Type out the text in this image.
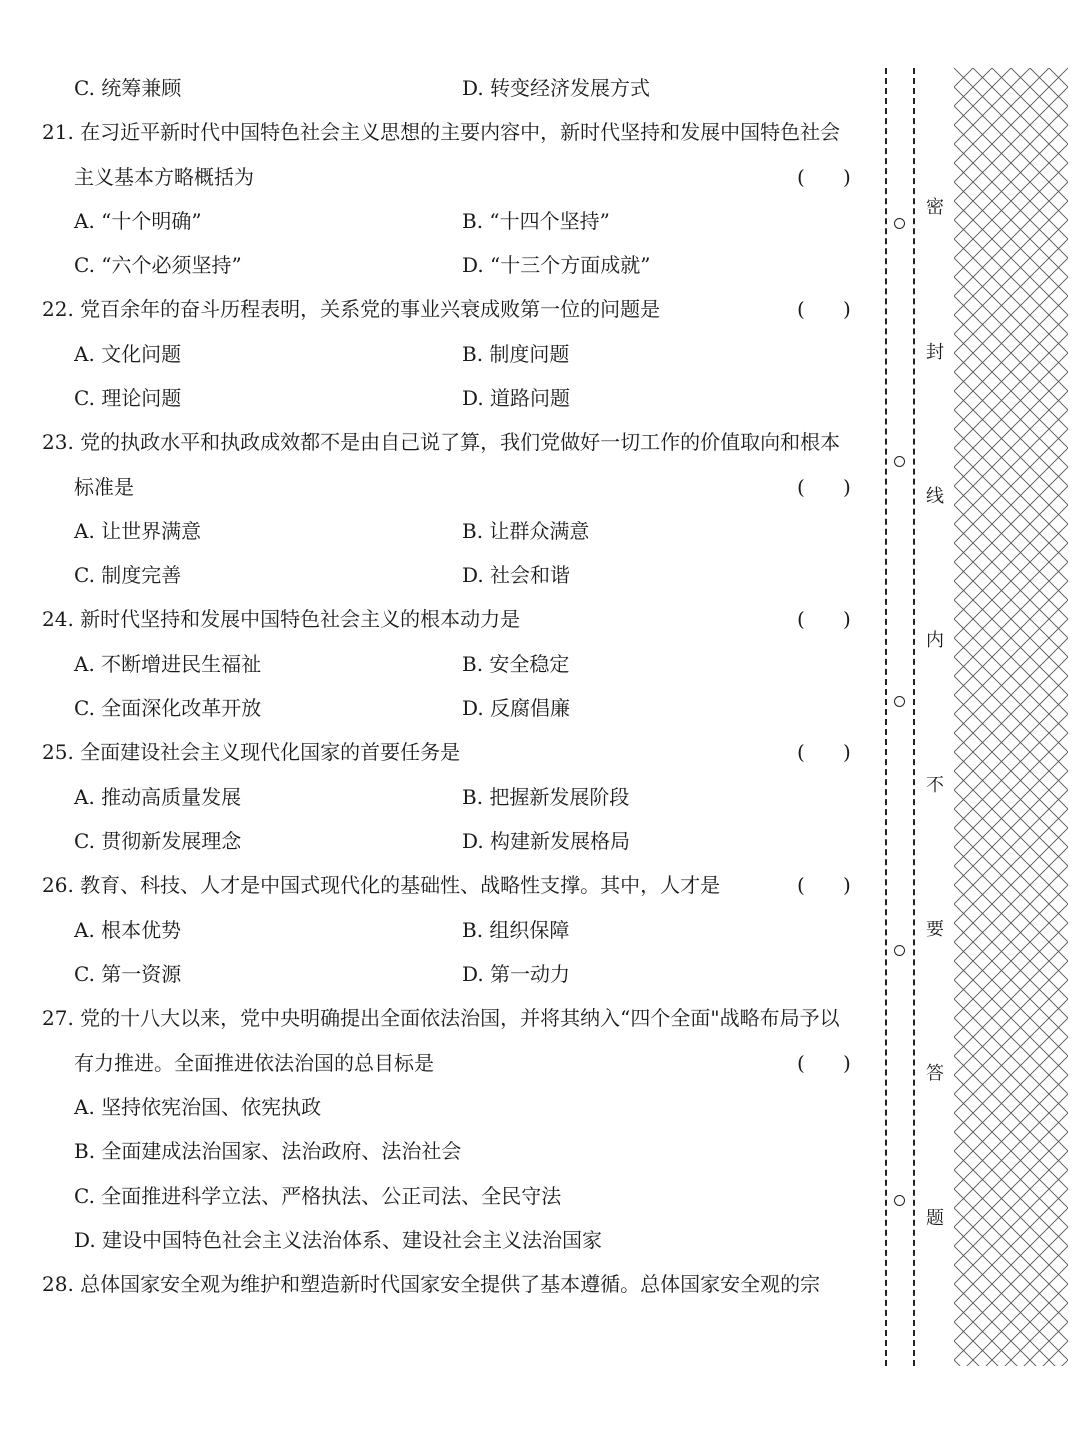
C. 统筹兼顾	D. 转变经济发展方式
21. 在习近平新时代中国特色社会主义思想的主要内容中，新时代坚持和发展中国特色社会
主义基本方略概括为	(      )
A. “十个明确”	B. “十四个坚持”
C. “六个必须坚持”	D. “十三个方面成就”
22. 党百余年的奋斗历程表明，关系党的事业兴衰成败第一位的问题是	(      )
A. 文化问题	B. 制度问题
C. 理论问题	D. 道路问题
23. 党的执政水平和执政成效都不是由自己说了算，我们党做好一切工作的价值取向和根本
标准是	(      )
A. 让世界满意	B. 让群众满意
C. 制度完善	D. 社会和谐
24. 新时代坚持和发展中国特色社会主义的根本动力是	(      )
A. 不断增进民生福祉	B. 安全稳定
C. 全面深化改革开放	D. 反腐倡廉
25. 全面建设社会主义现代化国家的首要任务是	(      )
A. 推动高质量发展	B. 把握新发展阶段
C. 贯彻新发展理念	D. 构建新发展格局
26. 教育、科技、人才是中国式现代化的基础性、战略性支撑。其中，人才是	(      )
A. 根本优势	B. 组织保障
C. 第一资源	D. 第一动力
27. 党的十八大以来，党中央明确提出全面依法治国，并将其纳入“四个全面"战略布局予以
有力推进。全面推进依法治国的总目标是	(      )
A. 坚持依宪治国、依宪执政
B. 全面建成法治国家、法治政府、法治社会
C. 全面推进科学立法、严格执法、公正司法、全民守法
D. 建设中国特色社会主义法治体系、建设社会主义法治国家
28. 总体国家安全观为维护和塑造新时代国家安全提供了基本遵循。总体国家安全观的宗
密
封
线
内
不
要
答
题
